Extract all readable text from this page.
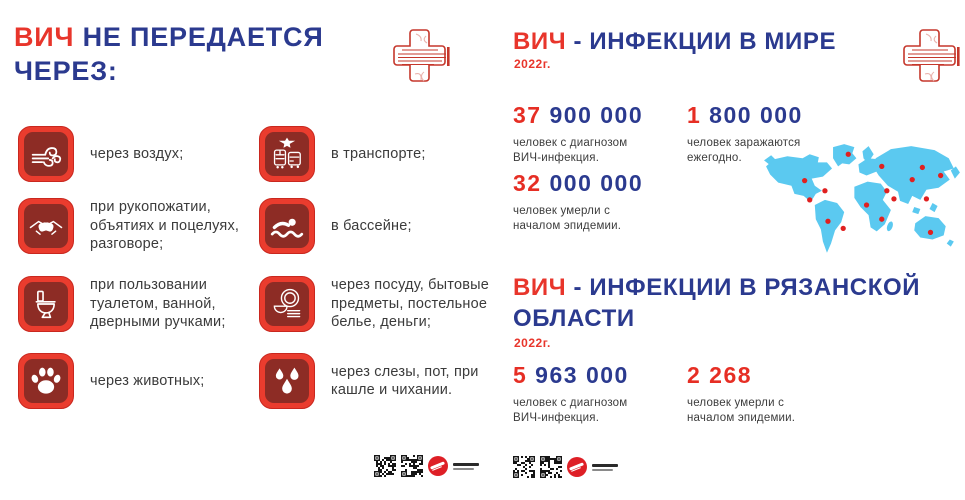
ВИЧ НЕ ПЕРЕДАЕТСЯ ЧЕРЕЗ:
через воздух;
при рукопожатии, объятиях и поцелуях, разговоре;
при пользовании туалетом, ванной, дверными ручками;
через животных;
в транспорте;
в бассейне;
через посуду, бытовые предметы, постельное белье, деньги;
через слезы, пот, при кашле и чихании.
ВИЧ - ИНФЕКЦИИ В МИРЕ
2022г.
37 900 000
человек с диагнозом ВИЧ-инфекция.
1 800 000
человек заражаются ежегодно.
32 000 000
человек умерли с началом эпидемии.
ВИЧ - ИНФЕКЦИИ В РЯЗАНСКОЙ ОБЛАСТИ
2022г.
5 963 000
человек с диагнозом ВИЧ-инфекция.
2 268
человек умерли с началом эпидемии.
